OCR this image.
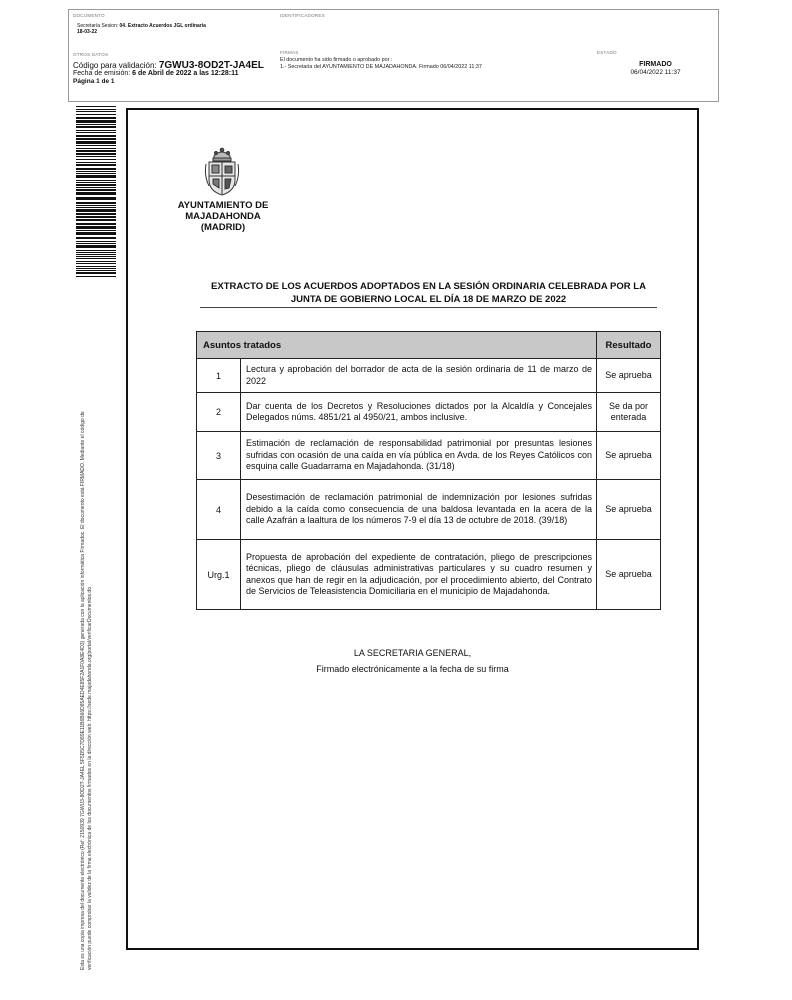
DOCUMENTO
Secretaría Sesion: 04. Extracto Acuerdos JGL ordinaria
18-03-22
IDENTIFICADORES
OTROS DATOS
Código para validación: 7GWU3-8OD2T-JA4EL
Fecha de emisión: 6 de Abril de 2022 a las 12:28:11
Página 1 de 1
FIRMAS
El documento ha sido firmado o aprobado por :
1.- Secretaria del AYUNTAMIENTO DE MAJADAHONDA. Firmado 06/04/2022 11:37
ESTADO
FIRMADO
06/04/2022 11:37
Esta es una copia impresa del documento electrónico (Ref: 2150939 7GWU3-8OD2T-JA4EL 5F5D5C7D89E11B6B66D85AED4E85F2A1F0A8E4D3) generada con la aplicación informática Firmadoc. El documento está FIRMADO. Mediante el código de verificación puede comprobar la validez de la firma electrónica de los documentos firmados en la dirección web: https://sede.majadahonda.org/portal/verificarDocumentos.do
AYUNTAMIENTO DE
MAJADAHONDA
(MADRID)
EXTRACTO DE LOS ACUERDOS ADOPTADOS EN LA SESIÓN ORDINARIA CELEBRADA POR LA
JUNTA DE GOBIERNO LOCAL EL DÍA 18 DE MARZO DE 2022
Asuntos tratados		Resultado
1	Lectura y aprobación del borrador de acta de la sesión ordinaria de 11 de marzo de 2022	Se aprueba
2	Dar cuenta de los Decretos y Resoluciones dictados por la Alcaldía y Concejales Delegados núms. 4851/21 al 4950/21, ambos inclusive.	Se da por enterada
3	Estimación de reclamación de responsabilidad patrimonial por presuntas lesiones sufridas con ocasión de una caída en vía pública en Avda. de los Reyes Católicos con esquina calle Guadarrama en Majadahonda. (31/18)	Se aprueba
4	Desestimación de reclamación patrimonial de indemnización por lesiones sufridas debido a la caída como consecuencia de una baldosa levantada en la acera de la calle Azafrán a laaltura de los números 7-9 el día 13 de octubre de 2018. (39/18)	Se aprueba
Urg.1	Propuesta de aprobación del expediente de contratación, pliego de prescripciones técnicas, pliego de cláusulas administrativas particulares y su cuadro resumen y anexos que han de regir en la adjudicación, por el procedimiento abierto, del Contrato de Servicios de Teleasistencia Domiciliaria en el municipio de Majadahonda.	Se aprueba
LA SECRETARIA GENERAL,
Firmado electrónicamente a la fecha de su firma
